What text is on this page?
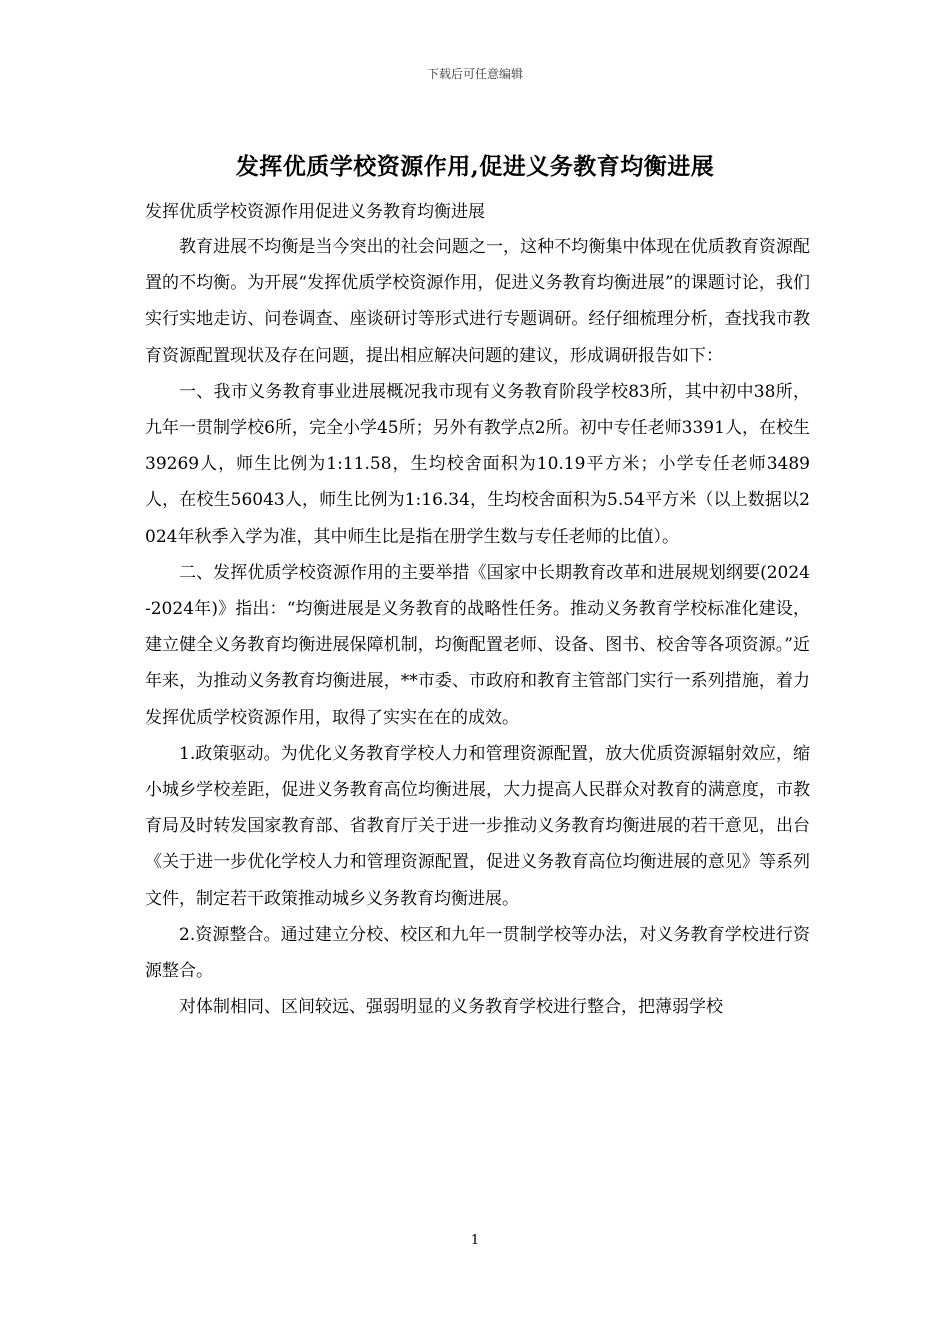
下载后可任意编辑
发挥优质学校资源作用,促进义务教育均衡进展

发挥优质学校资源作用促进义务教育均衡进展

教育进展不均衡是当今突出的社会问题之一，这种不均衡集中体现在优质教育资源配置的不均衡。为开展“发挥优质学校资源作用，促进义务教育均衡进展”的课题讨论，我们实行实地走访、问卷调查、座谈研讨等形式进行专题调研。经仔细梳理分析，查找我市教育资源配置现状及存在问题，提出相应解决问题的建议，形成调研报告如下：

一、我市义务教育事业进展概况我市现有义务教育阶段学校83所，其中初中38所，九年一贯制学校6所，完全小学45所；另外有教学点2所。初中专任老师3391人，在校生39269人，师生比例为1:11.58，生均校舍面积为10.19平方米；小学专任老师3489人，在校生56043人，师生比例为1:16.34，生均校舍面积为5.54平方米（以上数据以2024年秋季入学为准，其中师生比是指在册学生数与专任老师的比值）。

二、发挥优质学校资源作用的主要举措《国家中长期教育改革和进展规划纲要(2024-2024年)》指出：“均衡进展是义务教育的战略性任务。推动义务教育学校标准化建设，建立健全义务教育均衡进展保障机制，均衡配置老师、设备、图书、校舍等各项资源。”近年来，为推动义务教育均衡进展，**市委、市政府和教育主管部门实行一系列措施，着力发挥优质学校资源作用，取得了实实在在的成效。

1.政策驱动。为优化义务教育学校人力和管理资源配置，放大优质资源辐射效应，缩小城乡学校差距，促进义务教育高位均衡进展，大力提高人民群众对教育的满意度，市教育局及时转发国家教育部、省教育厅关于进一步推动义务教育均衡进展的若干意见，出台《关于进一步优化学校人力和管理资源配置，促进义务教育高位均衡进展的意见》等系列文件，制定若干政策推动城乡义务教育均衡进展。

2.资源整合。通过建立分校、校区和九年一贯制学校等办法，对义务教育学校进行资源整合。

对体制相同、区间较远、强弱明显的义务教育学校进行整合，把薄弱学校

1
